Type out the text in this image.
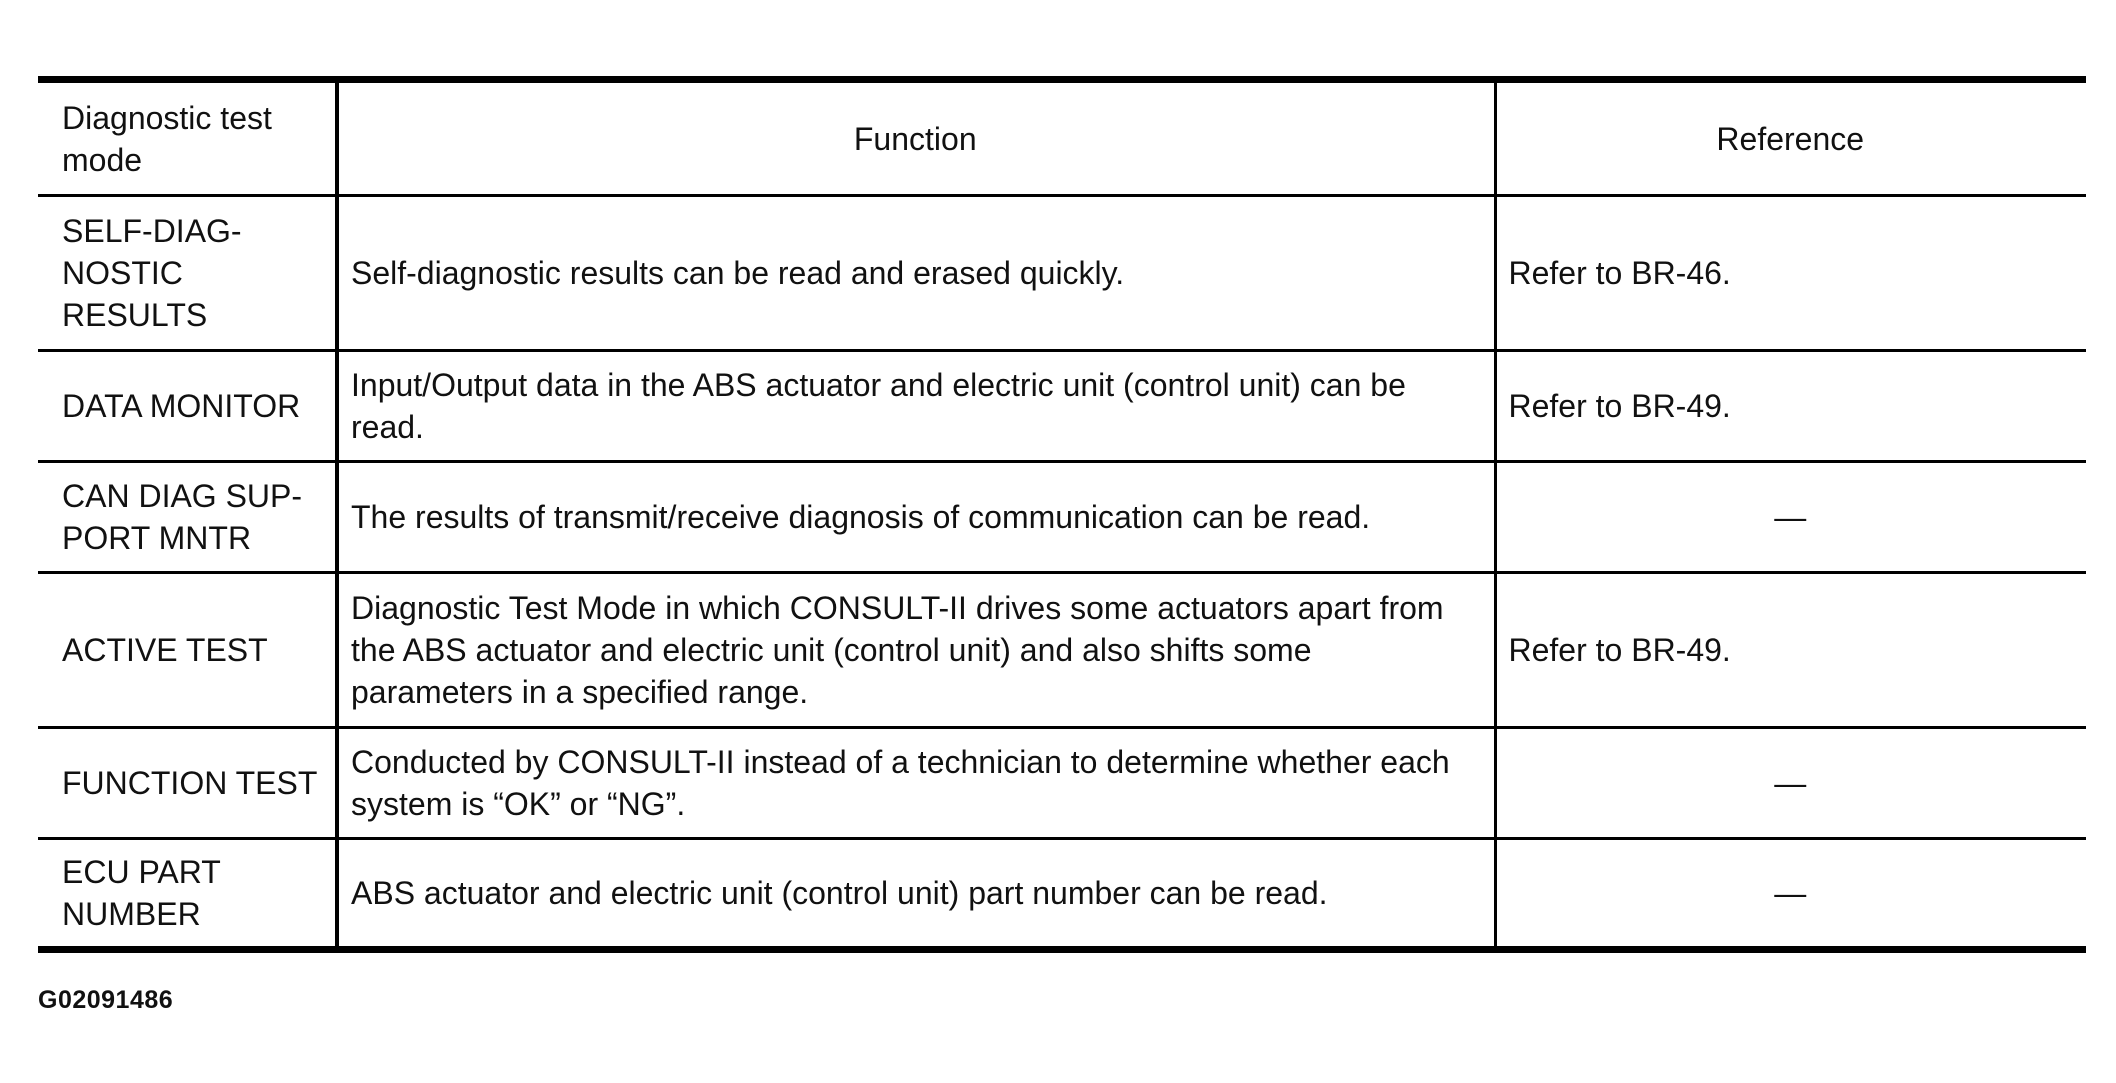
Diagnostic test mode	Function	Reference
SELF-DIAG-NOSTIC RESULTS	Self-diagnostic results can be read and erased quickly.	Refer to BR-46.
DATA MONITOR	Input/Output data in the ABS actuator and electric unit (control unit) can be read.	Refer to BR-49.
CAN DIAG SUP-PORT MNTR	The results of transmit/receive diagnosis of communication can be read.	—
ACTIVE TEST	Diagnostic Test Mode in which CONSULT-II drives some actuators apart from the ABS actuator and electric unit (control unit) and also shifts some parameters in a specified range.	Refer to BR-49.
FUNCTION TEST	Conducted by CONSULT-II instead of a technician to determine whether each system is “OK” or “NG”.	—
ECU PART NUMBER	ABS actuator and electric unit (control unit) part number can be read.	—
G02091486
